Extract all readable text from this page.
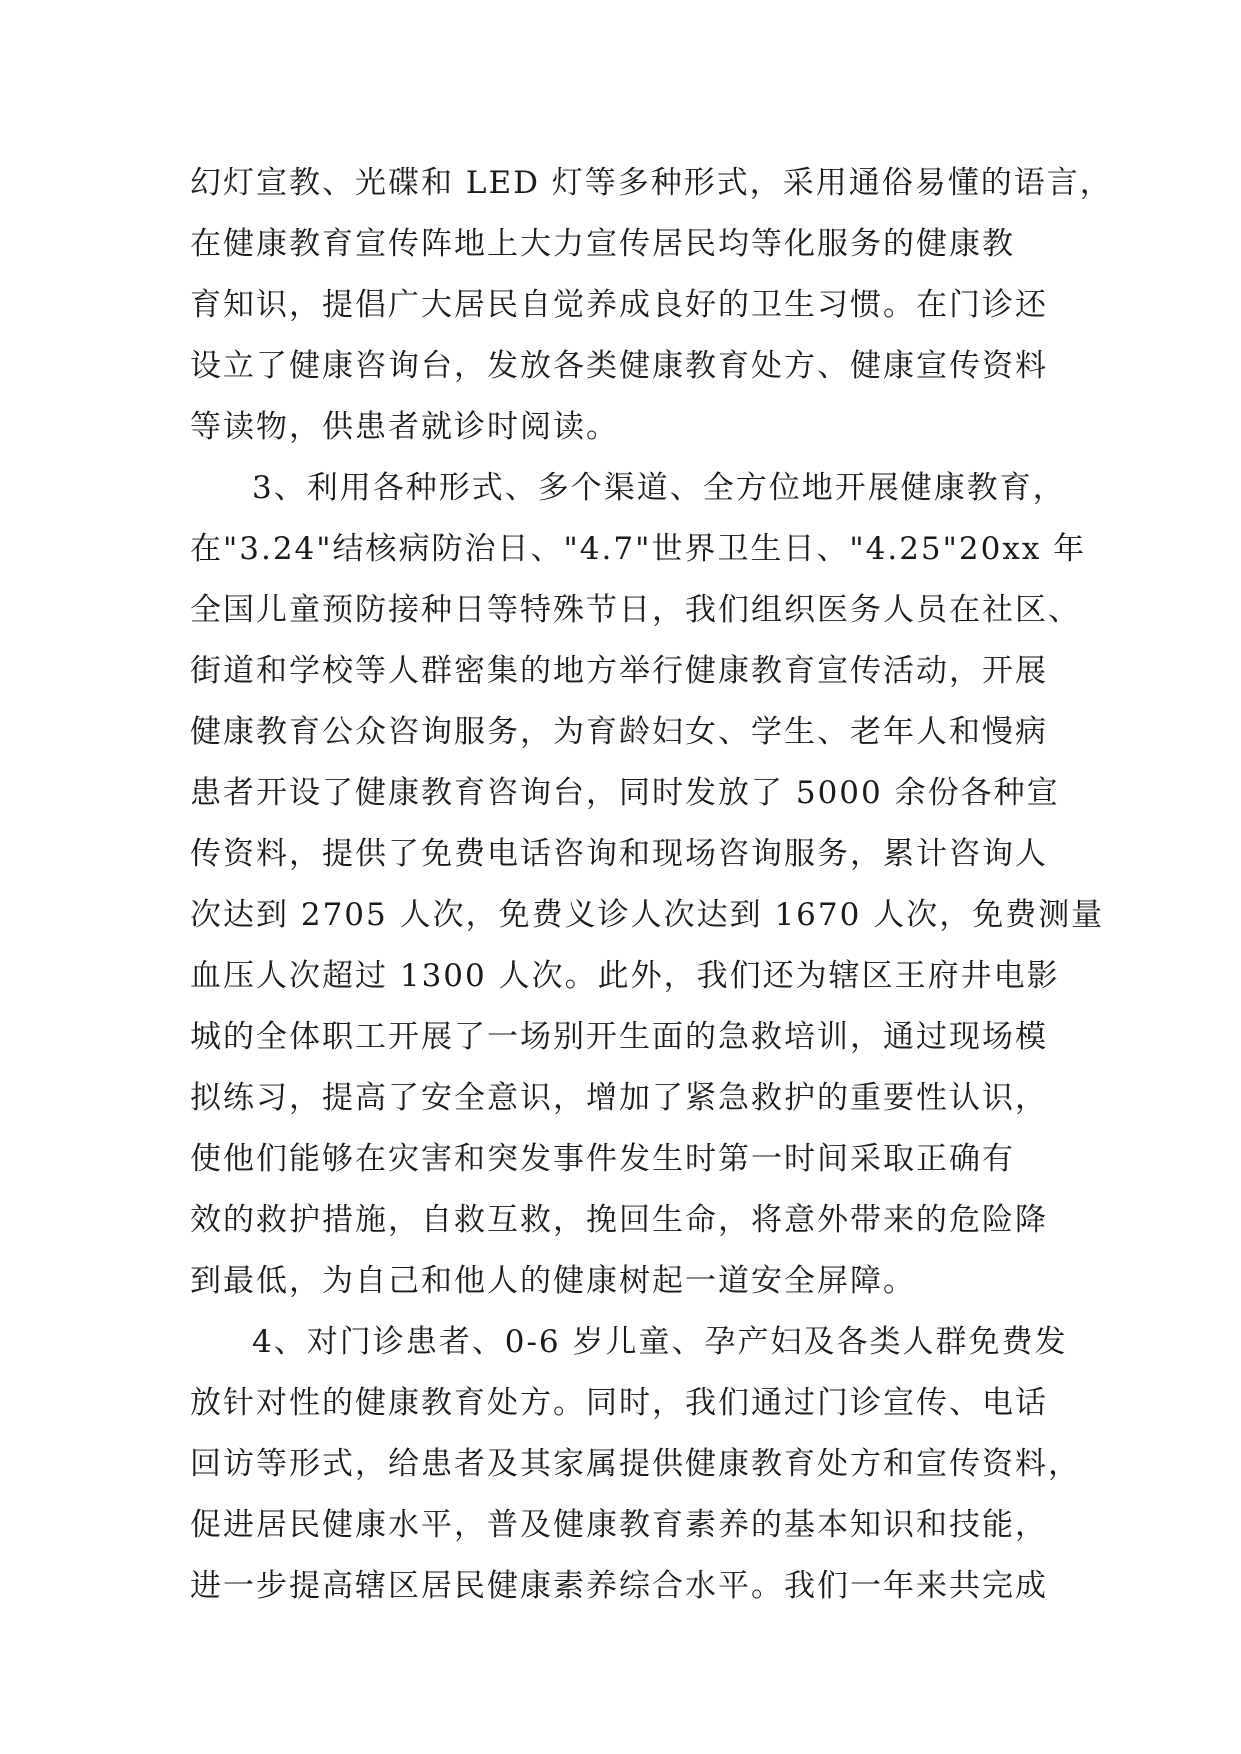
幻灯宣教、光碟和 LED 灯等多种形式，采用通俗易懂的语言，
在健康教育宣传阵地上大力宣传居民均等化服务的健康教
育知识，提倡广大居民自觉养成良好的卫生习惯。在门诊还
设立了健康咨询台，发放各类健康教育处方、健康宣传资料
等读物，供患者就诊时阅读。
3、利用各种形式、多个渠道、全方位地开展健康教育，
在"3.24"结核病防治日、"4.7"世界卫生日、"4.25"20xx 年
全国儿童预防接种日等特殊节日，我们组织医务人员在社区、
街道和学校等人群密集的地方举行健康教育宣传活动，开展
健康教育公众咨询服务，为育龄妇女、学生、老年人和慢病
患者开设了健康教育咨询台，同时发放了 5000 余份各种宣
传资料，提供了免费电话咨询和现场咨询服务，累计咨询人
次达到 2705 人次，免费义诊人次达到 1670 人次，免费测量
血压人次超过 1300 人次。此外，我们还为辖区王府井电影
城的全体职工开展了一场别开生面的急救培训，通过现场模
拟练习，提高了安全意识，增加了紧急救护的重要性认识，
使他们能够在灾害和突发事件发生时第一时间采取正确有
效的救护措施，自救互救，挽回生命，将意外带来的危险降
到最低，为自己和他人的健康树起一道安全屏障。
4、对门诊患者、0-6 岁儿童、孕产妇及各类人群免费发
放针对性的健康教育处方。同时，我们通过门诊宣传、电话
回访等形式，给患者及其家属提供健康教育处方和宣传资料，
促进居民健康水平，普及健康教育素养的基本知识和技能，
进一步提高辖区居民健康素养综合水平。我们一年来共完成
